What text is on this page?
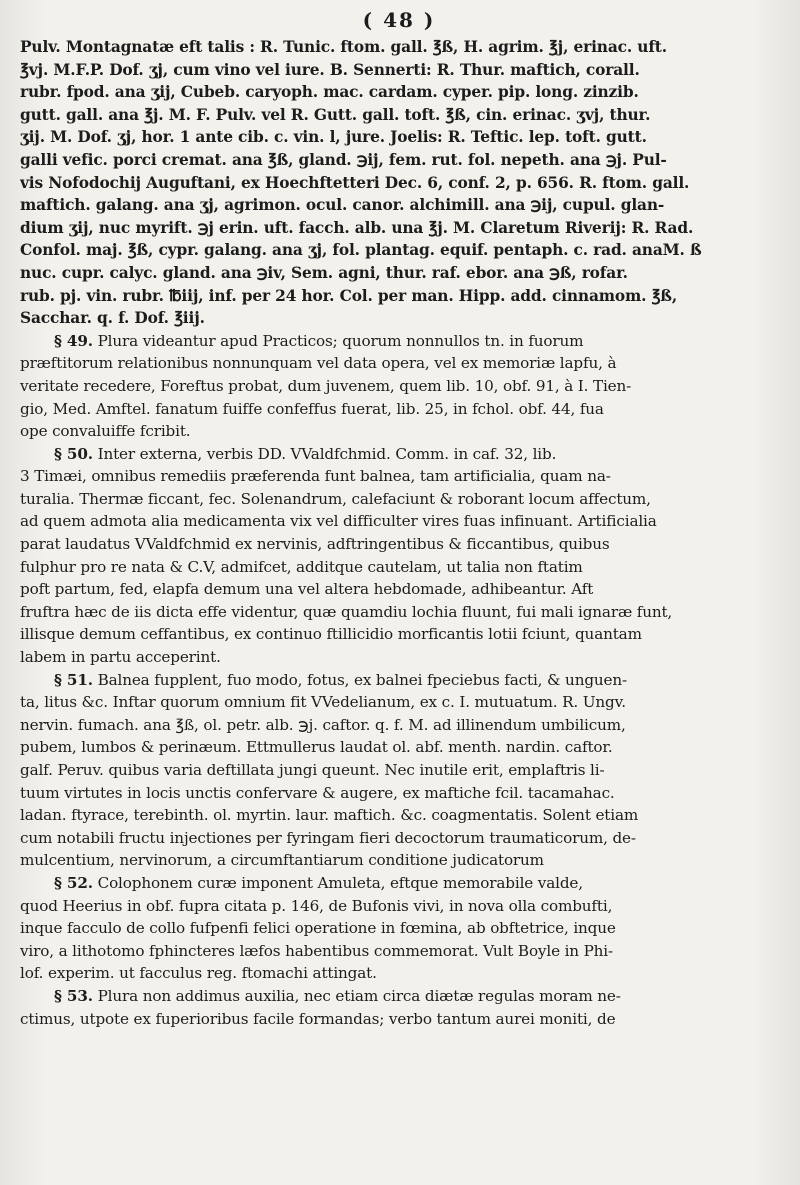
( 48 )
Pulv. Montagnatæ eft talis : R. Tunic. ftom. gall. ℥ß, H. agrim. ℥j, erinac. uft.
℥vj. M.F.P. Dof. ʒj, cum vino vel iure. B. Sennerti: R. Thur. maftich, corall.
rubr. fpod. ana ʒij, Cubeb. caryoph. mac. cardam. cyper. pip. long. zinzib.
gutt. gall. ana ℥j. M. F. Pulv. vel R. Gutt. gall. toft. ℥ß, cin. erinac. ʒvj, thur.
ʒij. M. Dof. ʒj, hor. 1 ante cib. c. vin. l, jure. Joelis: R. Teftic. lep. toft. gutt.
galli vefic. porci cremat. ana ℥ß, gland. ℈ij, fem. rut. fol. nepeth. ana ℈j. Pul-
vis Nofodochij Auguftani, ex Hoechftetteri Dec. 6, conf. 2, p. 656. R. ftom. gall.
maftich. galang. ana ʒj, agrimon. ocul. canor. alchimill. ana ℈ij, cupul. glan-
dium ʒij, nuc myrift. ℈j erin. uft. facch. alb. una ℥j. M. Claretum Riverij: R. Rad.
Confol. maj. ℥ß, cypr. galang. ana ʒj, fol. plantag. equif. pentaph. c. rad. anaM. ß
nuc. cupr. calyc. gland. ana ℈iv, Sem. agni, thur. raf. ebor. ana ℈ß, rofar.
rub. pj. vin. rubr. ℔iij, inf. per 24 hor. Col. per man. Hipp. add. cinnamom. ℥ß,
Sacchar. q. f. Dof. ℥iij.
§ 49. Plura videantur apud Practicos; quorum nonnullos tn. in fuorum
præftitorum relationibus nonnunquam vel data opera, vel ex memoriæ lapfu, à
veritate recedere, Foreftus probat, dum juvenem, quem lib. 10, obf. 91, à I. Tien-
gio, Med. Amftel. fanatum fuiffe confeffus fuerat, lib. 25, in fchol. obf. 44, fua
ope convaluiffe fcribit.
§ 50. Inter externa, verbis DD. VValdfchmid. Comm. in caf. 32, lib.
3 Timæi, omnibus remediis præferenda funt balnea, tam artificialia, quam na-
turalia. Thermæ ficcant, fec. Solenandrum, calefaciunt & roborant locum affectum,
ad quem admota alia medicamenta vix vel difficulter vires fuas infinuant. Artificialia
parat laudatus VValdfchmid ex nervinis, adftringentibus & ficcantibus, quibus
fulphur pro re nata & C.V, admifcet, additque cautelam, ut talia non ftatim
poft partum, fed, elapfa demum una vel altera hebdomade, adhibeantur. Aft
fruftra hæc de iis dicta effe videntur, quæ quamdiu lochia fluunt, fui mali ignaræ funt,
illisque demum ceffantibus, ex continuo ftillicidio morficantis lotii fciunt, quantam
labem in partu acceperint.
§ 51. Balnea fupplent, fuo modo, fotus, ex balnei fpeciebus facti, & unguen-
ta, litus &c. Inftar quorum omnium fit VVedelianum, ex c. I. mutuatum. R. Ungv.
nervin. fumach. ana ℥ß, ol. petr. alb. ℈j. caftor. q. f. M. ad illinendum umbilicum,
pubem, lumbos & perinæum. Ettmullerus laudat ol. abf. menth. nardin. caftor.
galf. Peruv. quibus varia deftillata jungi queunt. Nec inutile erit, emplaftris li-
tuum virtutes in locis unctis confervare & augere, ex maftiche fcil. tacamahac.
ladan. ftyrace, terebinth. ol. myrtin. laur. maftich. &c. coagmentatis. Solent etiam
cum notabili fructu injectiones per fyringam fieri decoctorum traumaticorum, de-
mulcentium, nervinorum, a circumftantiarum conditione judicatorum
§ 52. Colophonem curæ imponent Amuleta, eftque memorabile valde,
quod Heerius in obf. fupra citata p. 146, de Bufonis vivi, in nova olla combufti,
inque facculo de collo fufpenfi felici operatione in fœmina, ab obftetrice, inque
viro, a lithotomo fphincteres læfos habentibus commemorat. Vult Boyle in Phi-
lof. experim. ut facculus reg. ftomachi attingat.
§ 53. Plura non addimus auxilia, nec etiam circa diætæ regulas moram ne-
ctimus, utpote ex fuperioribus facile formandas; verbo tantum aurei moniti, de
